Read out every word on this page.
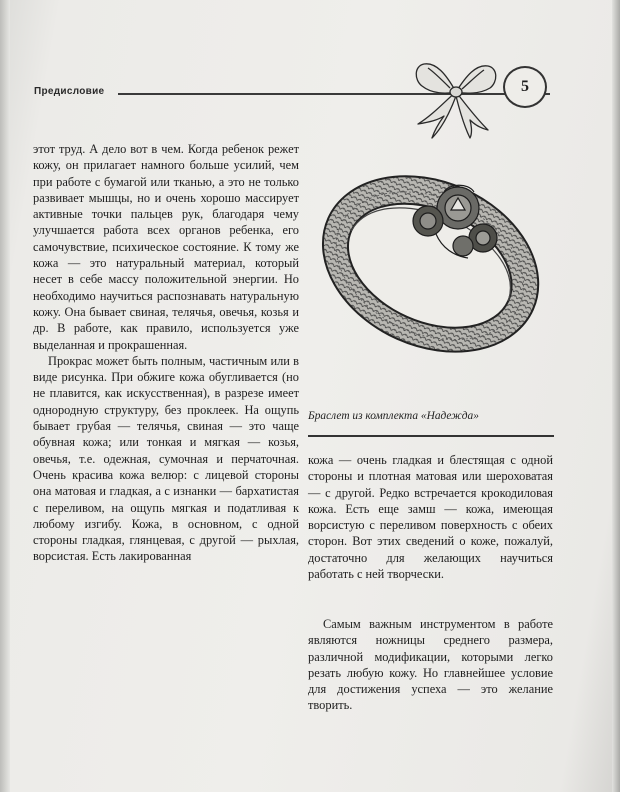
Предисловие	5

этот труд. А дело вот в чем. Когда ребенок режет кожу, он прилагает намного больше усилий, чем при работе с бумагой или тканью, а это не только развивает мышцы, но и очень хорошо массирует активные точки пальцев рук, благодаря чему улучшается работа всех органов ребенка, его самочувствие, психическое состояние. К тому же кожа — это натуральный материал, который несет в себе массу положительной энергии. Но необходимо научиться распознавать натуральную кожу. Она бывает свиная, телячья, овечья, козья и др. В работе, как правило, используется уже выделанная и прокрашенная.

Прокрас может быть полным, частичным или в виде рисунка. При обжиге кожа обугливается (но не плавится, как искусственная), в разрезе имеет однородную структуру, без проклеек. На ощупь бывает грубая — телячья, свиная — это чаще обувная кожа; или тонкая и мягкая — козья, овечья, т.е. одежная, сумочная и перчаточная. Очень красива кожа велюр: с лицевой стороны она матовая и гладкая, а с изнанки — бархатистая с переливом, на ощупь мягкая и податливая к любому изгибу. Кожа, в основном, с одной стороны гладкая, глянцевая, с другой — рыхлая, ворсистая. Есть лакированная

Браслет из комплекта «Надежда»

кожа — очень гладкая и блестящая с одной стороны и плотная матовая или шероховатая — с другой. Редко встречается крокодиловая кожа. Есть еще замш — кожа, имеющая ворсистую с переливом поверхность с обеих сторон. Вот этих сведений о коже, пожалуй, достаточно для желающих научиться работать с ней творчески.

Самым важным инструментом в работе являются ножницы среднего размера, различной модификации, которыми легко резать любую кожу. Но главнейшее условие для достижения успеха — это желание творить.
